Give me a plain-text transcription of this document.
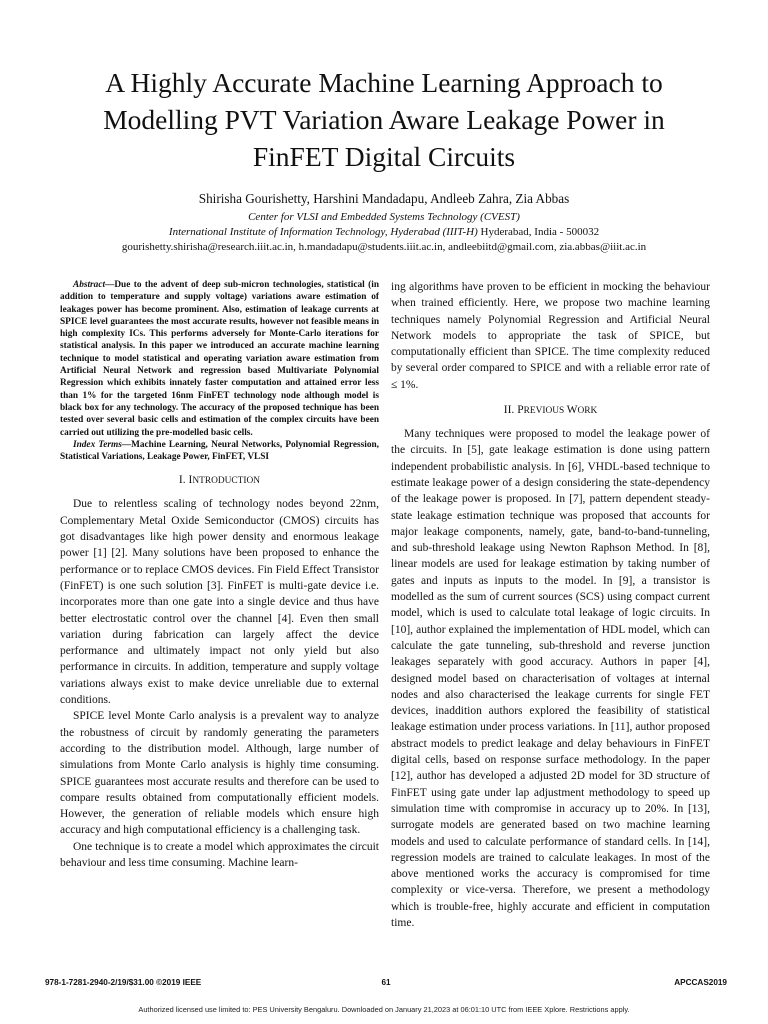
A Highly Accurate Machine Learning Approach to
Modelling PVT Variation Aware Leakage Power in
FinFET Digital Circuits
Shirisha Gourishetty, Harshini Mandadapu, Andleeb Zahra, Zia Abbas
Center for VLSI and Embedded Systems Technology (CVEST)
International Institute of Information Technology, Hyderabad (IIIT-H) Hyderabad, India - 500032
gourishetty.shirisha@research.iiit.ac.in, h.mandadapu@students.iiit.ac.in, andleebiitd@gmail.com, zia.abbas@iiit.ac.in

Abstract—Due to the advent of deep sub-micron technologies, statistical (in addition to temperature and supply voltage) variations aware estimation of leakages power has become prominent. Also, estimation of leakage currents at SPICE level guarantees the most accurate results, however not feasible means in high complexity ICs. This performs adversely for Monte-Carlo iterations for statistical analysis. In this paper we introduced an accurate machine learning technique to model statistical and operating variation aware estimation from Artificial Neural Network and regression based Multivariate Polynomial Regression which exhibits innately faster computation and attained error less than 1% for the targeted 16nm FinFET technology node although model is black box for any technology. The accuracy of the proposed technique has been tested over several basic cells and estimation of the complex circuits have been carried out utilizing the pre-modelled basic cells.

Index Terms—Machine Learning, Neural Networks, Polynomial Regression, Statistical Variations, Leakage Power, FinFET, VLSI

I. INTRODUCTION

Due to relentless scaling of technology nodes beyond 22nm, Complementary Metal Oxide Semiconductor (CMOS) circuits has got disadvantages like high power density and enormous leakage power [1] [2]. Many solutions have been proposed to enhance the performance or to replace CMOS devices. Fin Field Effect Transistor (FinFET) is one such solution [3]. FinFET is multi-gate device i.e. incorporates more than one gate into a single device and thus have better electrostatic control over the channel [4]. Even then small variation during fabrication can largely affect the device performance and ultimately impact not only yield but also performance in circuits. In addition, temperature and supply voltage variations always exist to make device unreliable due to external conditions.

SPICE level Monte Carlo analysis is a prevalent way to analyze the robustness of circuit by randomly generating the parameters according to the distribution model. Although, large number of simulations from Monte Carlo analysis is highly time consuming. SPICE guarantees most accurate results and therefore can be used to compare results obtained from computationally efficient models. However, the generation of reliable models which ensure high accuracy and high computational efficiency is a challenging task.

One technique is to create a model which approximates the circuit behaviour and less time consuming. Machine learn-

ing algorithms have proven to be efficient in mocking the behaviour when trained efficiently. Here, we propose two machine learning techniques namely Polynomial Regression and Artificial Neural Network models to appropriate the task of SPICE, but computationally efficient than SPICE. The time complexity reduced by several order compared to SPICE and with a reliable error rate of ≤ 1%.

II. PREVIOUS WORK

Many techniques were proposed to model the leakage power of the circuits. In [5], gate leakage estimation is done using pattern independent probabilistic analysis. In [6], VHDL-based technique to estimate leakage power of a design considering the state-dependency of the leakage power is proposed. In [7], pattern dependent steady-state leakage estimation technique was proposed that accounts for major leakage components, namely, gate, band-to-band-tunneling, and sub-threshold leakage using Newton Raphson Method. In [8], linear models are used for leakage estimation by taking number of gates and inputs as inputs to the model. In [9], a transistor is modelled as the sum of current sources (SCS) using compact current model, which is used to calculate total leakage of logic circuits. In [10], author explained the implementation of HDL model, which can calculate the gate tunneling, sub-threshold and reverse junction leakages separately with good accuracy. Authors in paper [4], designed model based on characterisation of voltages at internal nodes and also characterised the leakage currents for single FET devices, inaddition authors explored the feasibility of statistical leakage estimation under process variations. In [11], author proposed abstract models to predict leakage and delay behaviours in FinFET digital cells, based on response surface methodology. In the paper [12], author has developed a adjusted 2D model for 3D structure of FinFET using gate under lap adjustment methodology to speed up simulation time with compromise in accuracy up to 20%. In [13], surrogate models are generated based on two machine learning models and used to calculate performance of standard cells. In [14], regression models are trained to calculate leakages. In most of the above mentioned works the accuracy is compromised for time complexity or vice-versa. Therefore, we present a methodology which is trouble-free, highly accurate and efficient in computation time.

978-1-7281-2940-2/19/$31.00 ©2019 IEEE	61	APCCAS2019
Authorized licensed use limited to: PES University Bengaluru. Downloaded on January 21,2023 at 06:01:10 UTC from IEEE Xplore. Restrictions apply.
